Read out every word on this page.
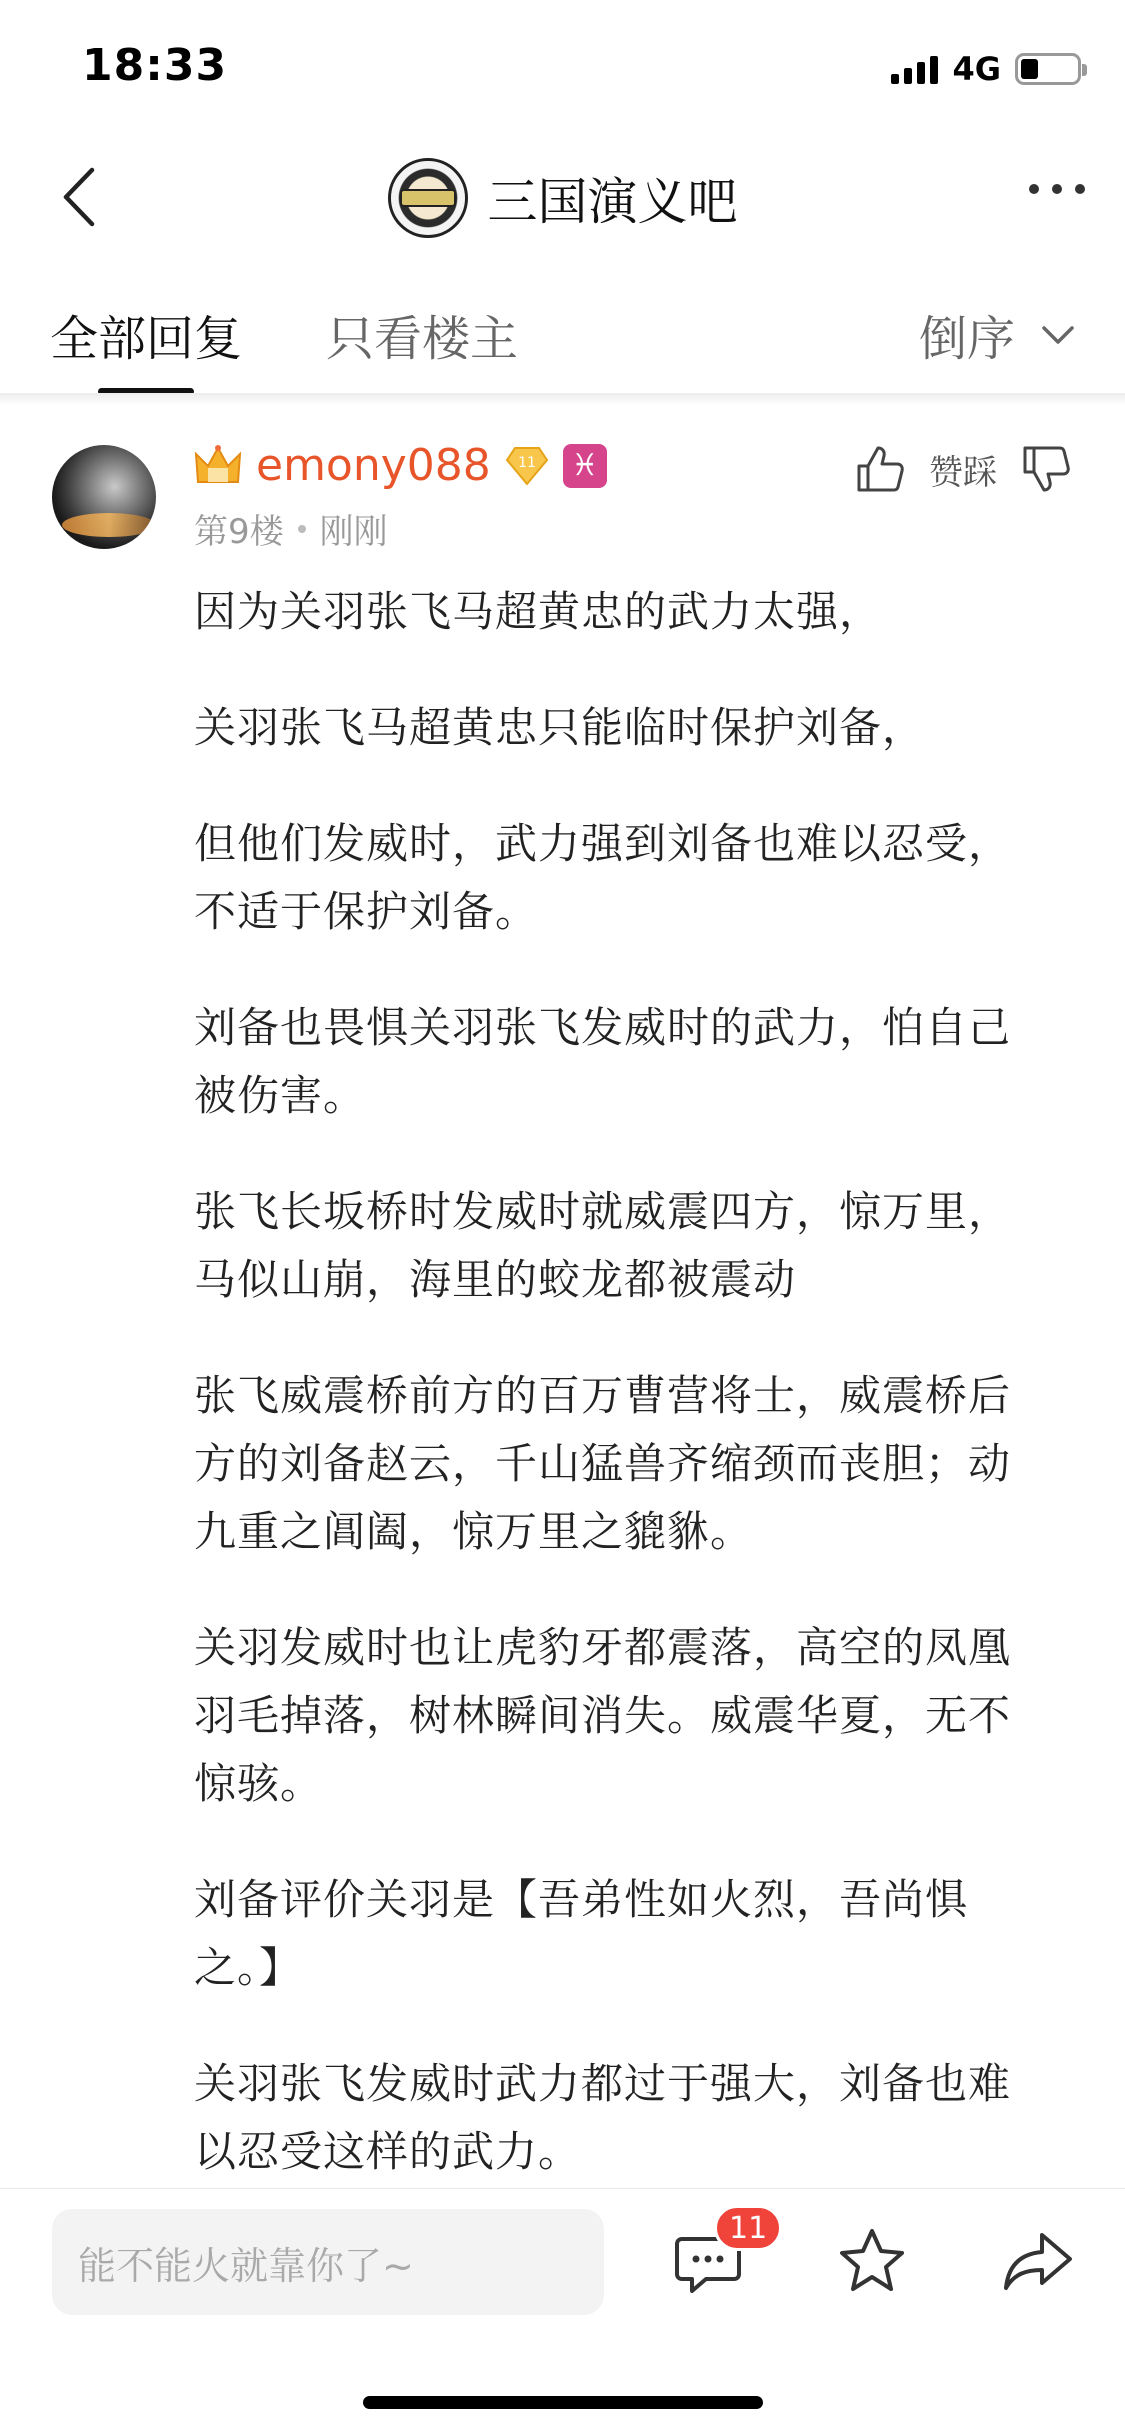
18:33	4G
三国演义吧
全部回复 只看楼主	倒序
emony088 11 ♓
第9楼 刚刚
赞踩

因为关羽张飞马超黄忠的武力太强，

关羽张飞马超黄忠只能临时保护刘备，

但他们发威时，武力强到刘备也难以忍受，不适于保护刘备。

刘备也畏惧关羽张飞发威时的武力，怕自己被伤害。

张飞长坂桥时发威时就威震四方，惊万里，马似山崩，海里的蛟龙都被震动

张飞威震桥前方的百万曹营将士，威震桥后方的刘备赵云，千山猛兽齐缩颈而丧胆；动九重之阊阖，惊万里之貔貅。

关羽发威时也让虎豹牙都震落，高空的凤凰羽毛掉落，树林瞬间消失。威震华夏，无不惊骇。

刘备评价关羽是【吾弟性如火烈，吾尚惧之。】

关羽张飞发威时武力都过于强大，刘备也难以忍受这样的武力。

能不能火就靠你了~
11
